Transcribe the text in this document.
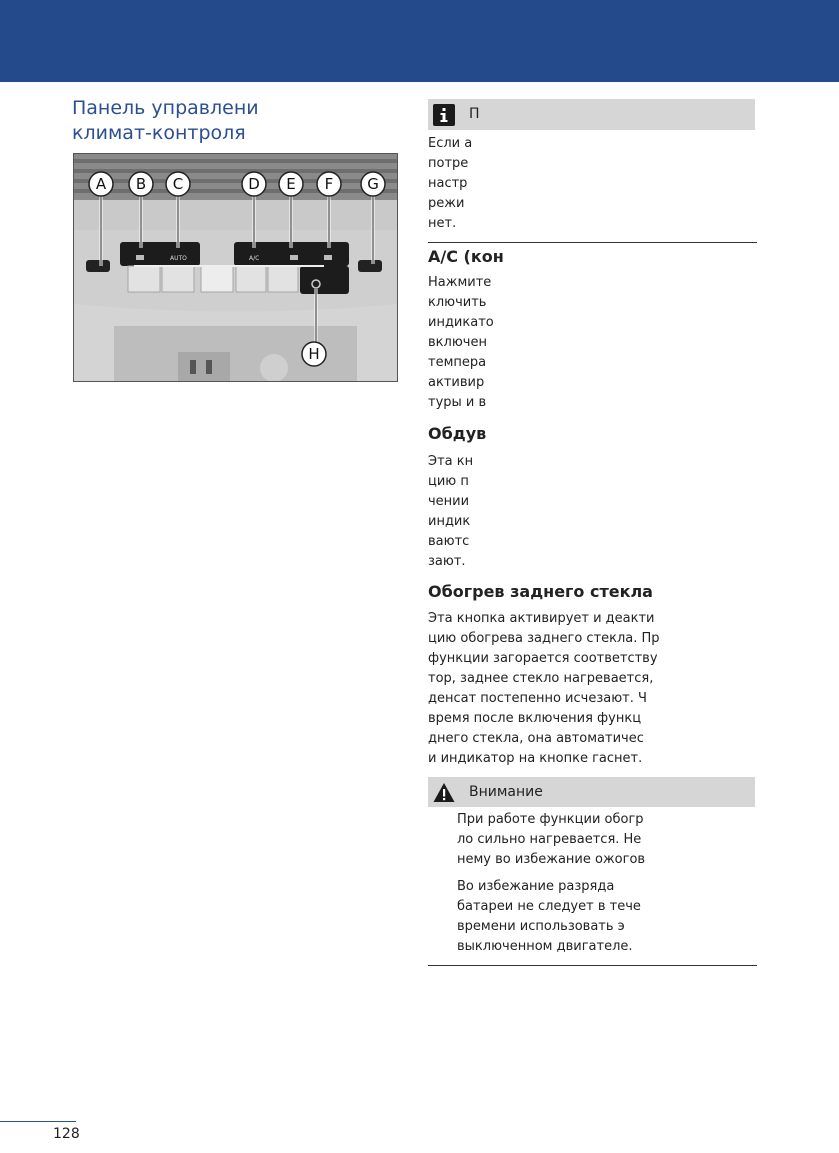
Панель управлени
климат-контроля
AUTO	A/C
A B C	D E F G
H
П

Если а
потре
настр
режи
нет.

A/C (кон

Нажмите
ключить
индикато
включен
темпера
активир
туры и в

Обдув

Эта кн
цию п
чении
индик
ваютс
зают.

Обогрев заднего стекла

Эта кнопка активирует и деакти
цию обогрева заднего стекла. Пр
функции загорается соответству
тор, заднее стекло нагревается,
денсат постепенно исчезают. Ч
время после включения функц
днего стекла, она автоматичес
и индикатор на кнопке гаснет.

Внимание

При работе функции обогр
ло сильно нагревается. Не
нему во избежание ожогов

Во избежание разряда
батареи не следует в тече
времени использовать э
выключенном двигателе.

128
